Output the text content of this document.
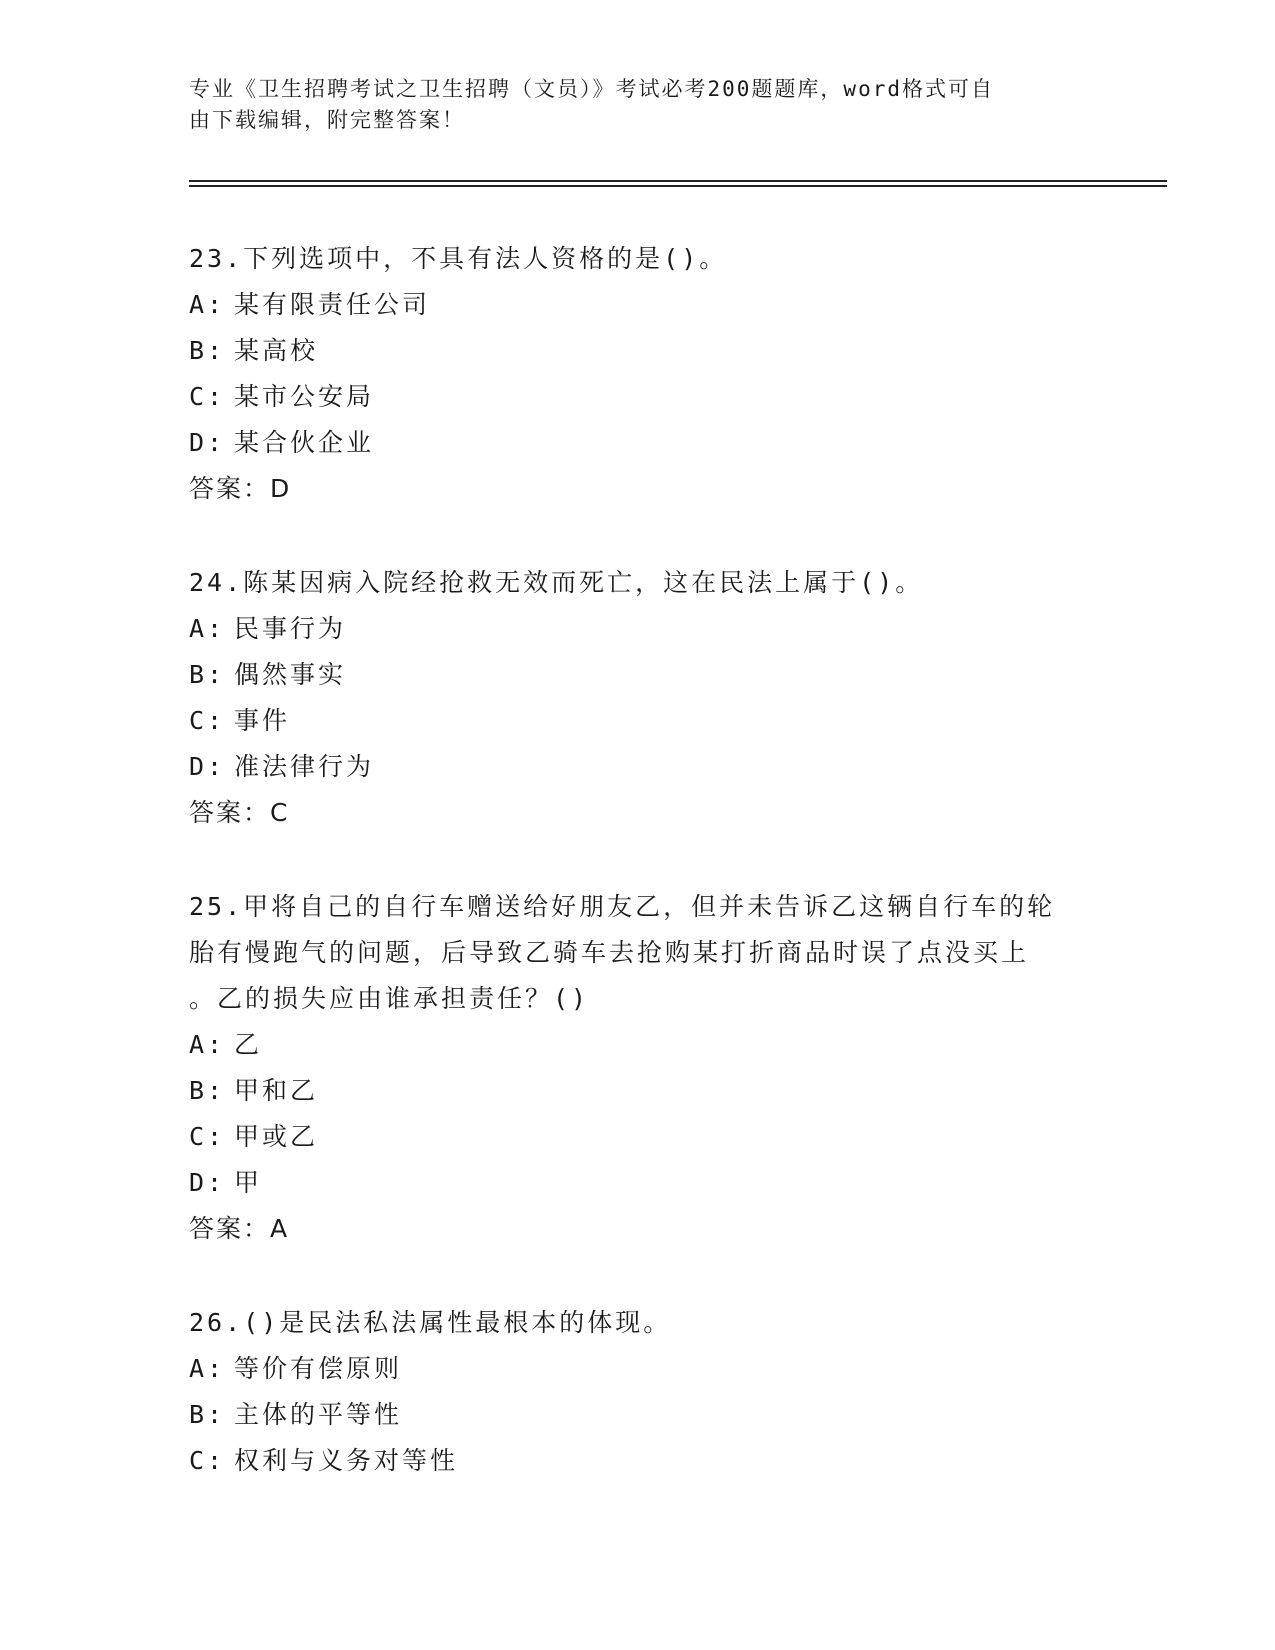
专业《卫生招聘考试之卫生招聘（文员）》考试必考200题题库，word格式可自
由下载编辑，附完整答案！
23.下列选项中，不具有法人资格的是()。
A: 某有限责任公司
B: 某高校
C: 某市公安局
D: 某合伙企业
答案：D
24.陈某因病入院经抢救无效而死亡，这在民法上属于()。
A: 民事行为
B: 偶然事实
C: 事件
D: 准法律行为
答案：C
25.甲将自己的自行车赠送给好朋友乙，但并未告诉乙这辆自行车的轮
胎有慢跑气的问题，后导致乙骑车去抢购某打折商品时误了点没买上
。乙的损失应由谁承担责任？()
A: 乙
B: 甲和乙
C: 甲或乙
D: 甲
答案：A
26.()是民法私法属性最根本的体现。
A: 等价有偿原则
B: 主体的平等性
C: 权利与义务对等性
